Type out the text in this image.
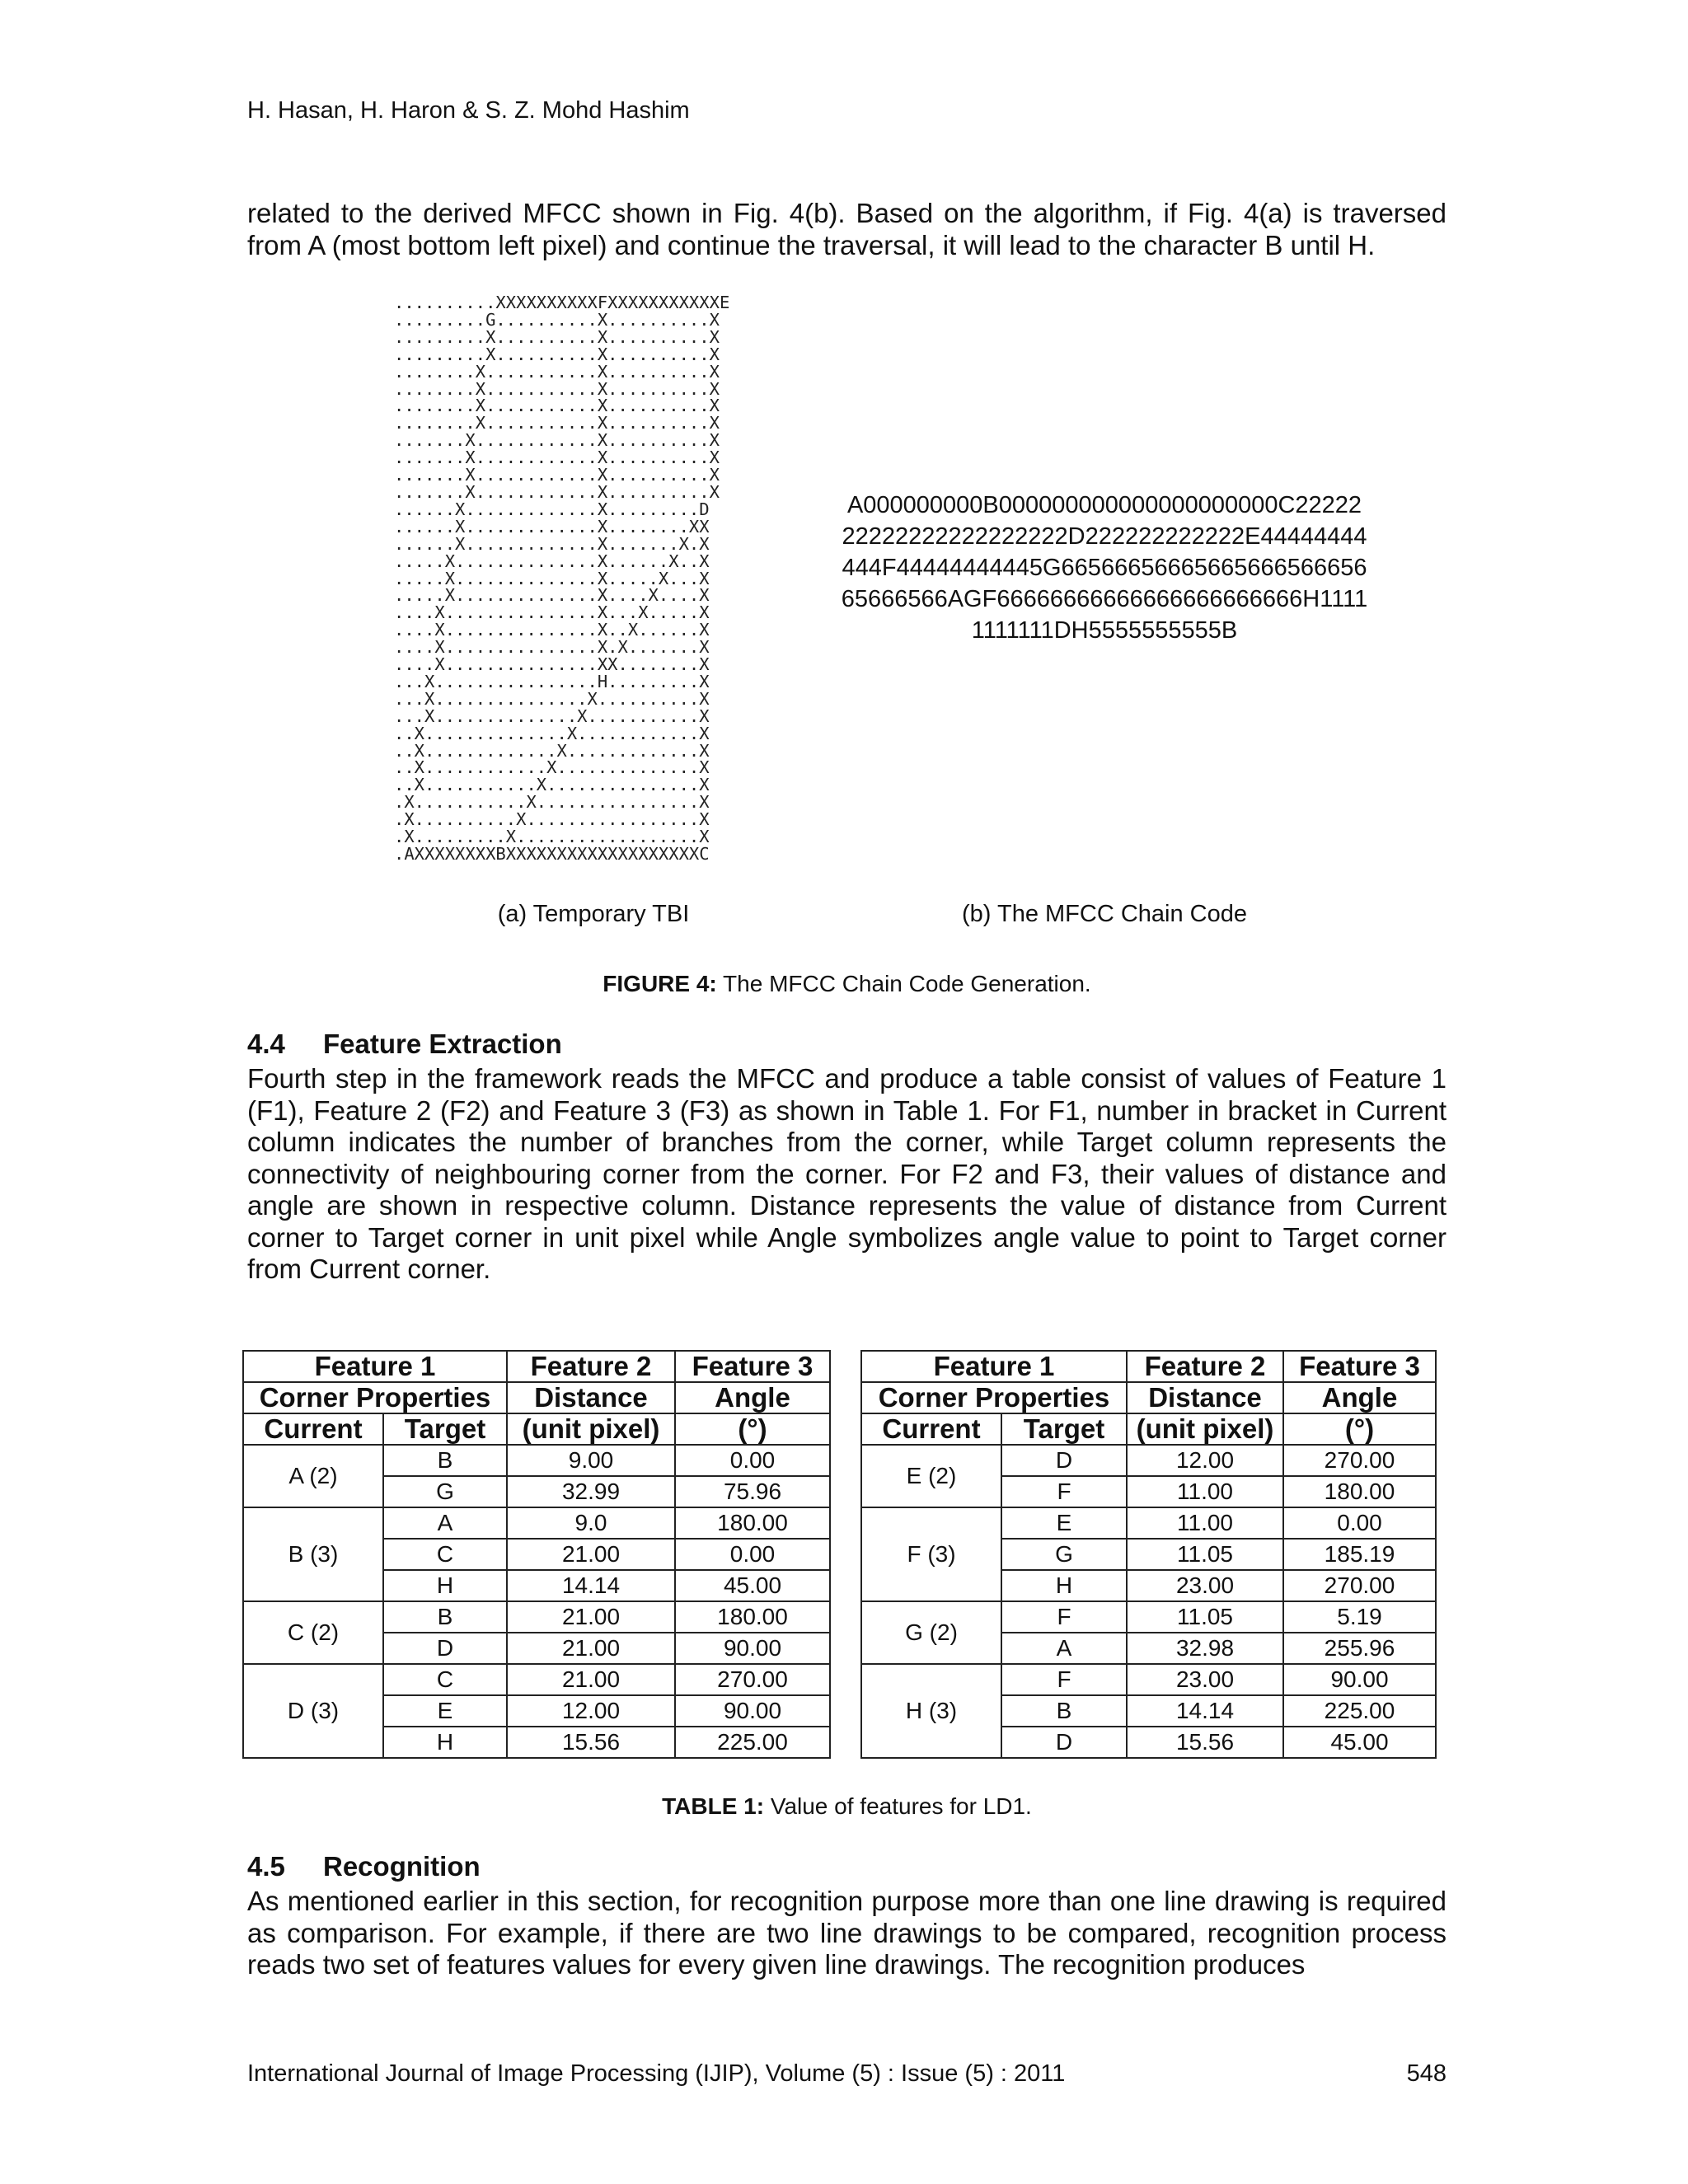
H. Hasan, H. Haron & S. Z. Mohd Hashim
related to the derived MFCC shown in Fig. 4(b). Based on the algorithm, if Fig. 4(a) is traversed from A (most bottom left pixel) and continue the traversal, it will lead to the character B until H.
..........XXXXXXXXXXFXXXXXXXXXXXE
.........G..........X..........X
.........X..........X..........X
.........X..........X..........X
........X...........X..........X
........X...........X..........X
........X...........X..........X
........X...........X..........X
.......X............X..........X
.......X............X..........X
.......X............X..........X
.......X............X..........X
......X.............X.........D
......X.............X........XX
......X.............X.......X.X
.....X..............X......X..X
.....X..............X.....X...X
.....X..............X....X....X
....X...............X...X.....X
....X...............X..X......X
....X...............X.X.......X
....X...............XX........X
...X................H.........X
...X...............X..........X
...X..............X...........X
..X..............X............X
..X.............X.............X
..X............X..............X
..X...........X...............X
.X...........X................X
.X..........X.................X
.X.........X..................X
.AXXXXXXXXBXXXXXXXXXXXXXXXXXXXC

A000000000B000000000000000000000C2222222222222222222222D222222222222E44444444444F44444444445G6656665666566566656665665666566AGF66666666666666666666666H11111111111DH5555555555B
(a) Temporary TBI	(b) The MFCC Chain Code
FIGURE 4: The MFCC Chain Code Generation.
4.4 Feature Extraction
Fourth step in the framework reads the MFCC and produce a table consist of values of Feature 1 (F1), Feature 2 (F2) and Feature 3 (F3) as shown in Table 1. For F1, number in bracket in Current column indicates the number of branches from the corner, while Target column represents the connectivity of neighbouring corner from the corner. For F2 and F3, their values of distance and angle are shown in respective column. Distance represents the value of distance from Current corner to Target corner in unit pixel while Angle symbolizes angle value to point to Target corner from Current corner.
Feature 1		Feature 2	Feature 3		Feature 1		Feature 2	Feature 3
Corner Properties		Distance	Angle		Corner Properties		Distance	Angle
Current	Target	(unit pixel)	(°)		Current	Target	(unit pixel)	(°)
A (2)	B	9.00	0.00		E (2)	D	12.00	270.00
	G	32.99	75.96			F	11.00	180.00
B (3)	A	9.0	180.00		F (3)	E	11.00	0.00
	C	21.00	0.00			G	11.05	185.19
	H	14.14	45.00			H	23.00	270.00
C (2)	B	21.00	180.00		G (2)	F	11.05	5.19
	D	21.00	90.00			A	32.98	255.96
D (3)	C	21.00	270.00		H (3)	F	23.00	90.00
	E	12.00	90.00			B	14.14	225.00
	H	15.56	225.00			D	15.56	45.00
TABLE 1: Value of features for LD1.
4.5 Recognition
As mentioned earlier in this section, for recognition purpose more than one line drawing is required as comparison. For example, if there are two line drawings to be compared, recognition process reads two set of features values for every given line drawings. The recognition produces
International Journal of Image Processing (IJIP), Volume (5) : Issue (5) : 2011	548
